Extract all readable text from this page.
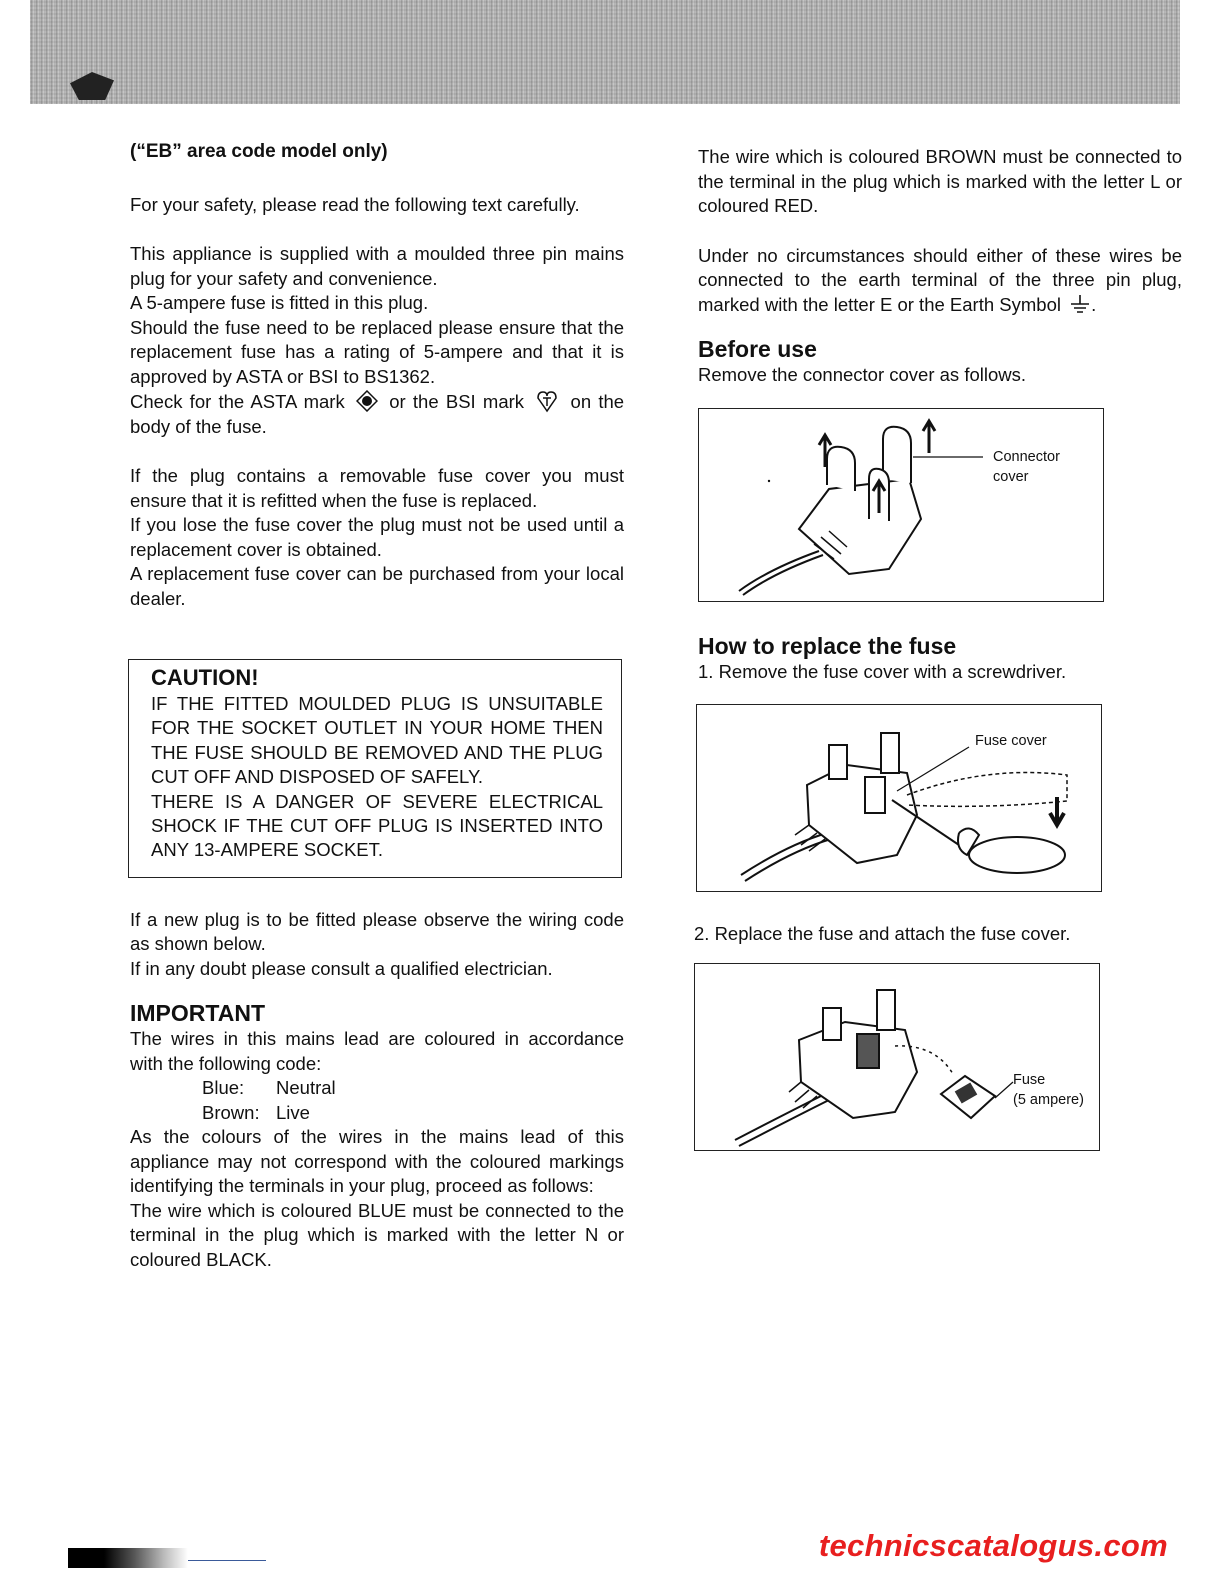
(“EB” area code model only)

For your safety, please read the following text carefully.

This appliance is supplied with a moulded three pin mains plug for your safety and convenience.

A 5-ampere fuse is fitted in this plug.

Should the fuse need to be replaced please ensure that the replacement fuse has a rating of 5-ampere and that it is approved by ASTA or BSI to BS1362.

Check for the ASTA mark or the BSI mark	on the body of the fuse.

If the plug contains a removable fuse cover you must ensure that it is refitted when the fuse is replaced.

If you lose the fuse cover the plug must not be used until a replacement cover is obtained.

A replacement fuse cover can be purchased from your local dealer.

CAUTION!

IF THE FITTED MOULDED PLUG IS UNSUITABLE FOR THE SOCKET OUTLET IN YOUR HOME THEN THE FUSE SHOULD BE REMOVED AND THE PLUG CUT OFF AND DISPOSED OF SAFELY.

THERE IS A DANGER OF SEVERE ELECTRICAL SHOCK IF THE CUT OFF PLUG IS INSERTED INTO ANY 13-AMPERE SOCKET.

If a new plug is to be fitted please observe the wiring code as shown below.

If in any doubt please consult a qualified electrician.

IMPORTANT

The wires in this mains lead are coloured in accordance with the following code:

Blue: Neutral
Brown: Live

As the colours of the wires in the mains lead of this appliance may not correspond with the coloured markings identifying the terminals in your plug, proceed as follows:

The wire which is coloured BLUE must be connected to the terminal in the plug which is marked with the letter N or coloured BLACK.

The wire which is coloured BROWN must be connected to the terminal in the plug which is marked with the letter L or coloured RED.

Under no circumstances should either of these wires be connected to the earth terminal of the three pin plug, marked with the letter E or the Earth Symbol .

Before use

Remove the connector cover as follows.

Connector cover
How to replace the fuse

1. Remove the fuse cover with a screwdriver.

Fuse cover

2. Replace the fuse and attach the fuse cover.

Fuse
(5 ampere)
technicscatalogus.com
